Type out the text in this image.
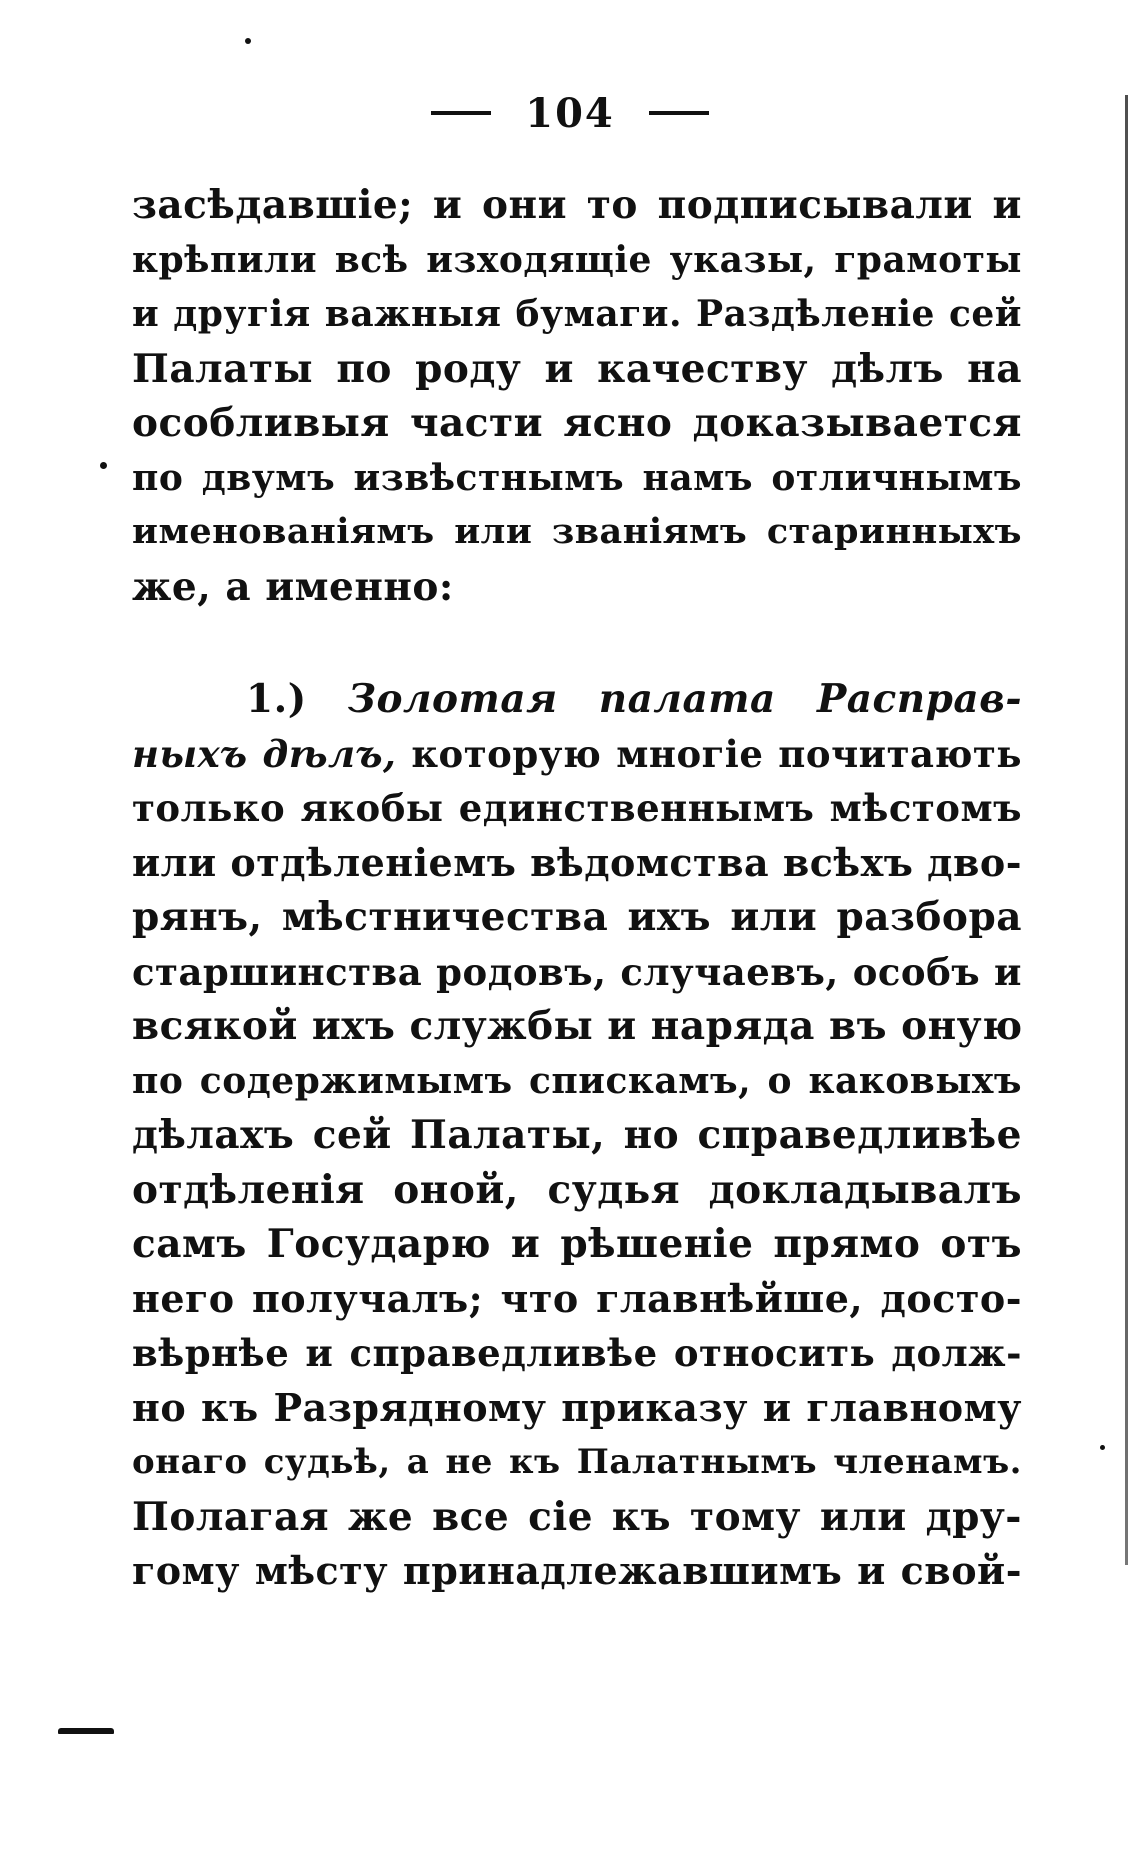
104
засѣдавшіе; и они то подписывали и
крѣпили всѣ изходящіе указы, грамоты
и другія важныя бумаги. Раздѣленіе сей
Палаты по роду и качеству дѣлъ на
особливыя части ясно доказывается
по двумъ извѣстнымъ намъ отличнымъ
именованіямъ или званіямъ старинныхъ
же, а именно:
1.) Золотая палата Расправ-
ныхъ дѣлъ, которую многіе почитають
только якобы единственнымъ мѣстомъ
или отдѣленіемъ вѣдомства всѣхъ дво-
рянъ, мѣстничества ихъ или разбора
старшинства родовъ, случаевъ, особъ и
всякой ихъ службы и наряда въ оную
по содержимымъ спискамъ, о каковыхъ
дѣлахъ сей Палаты, но справедливѣе
отдѣленія оной, судья докладывалъ
самъ Государю и рѣшеніе прямо отъ
него получалъ; что главнѣйше, досто-
вѣрнѣе и справедливѣе относить долж-
но къ Разрядному приказу и главному
онаго судьѣ, а не къ Палатнымъ членамъ.
Полагая же все сіе къ тому или дру-
гому мѣсту принадлежавшимъ и свой-
